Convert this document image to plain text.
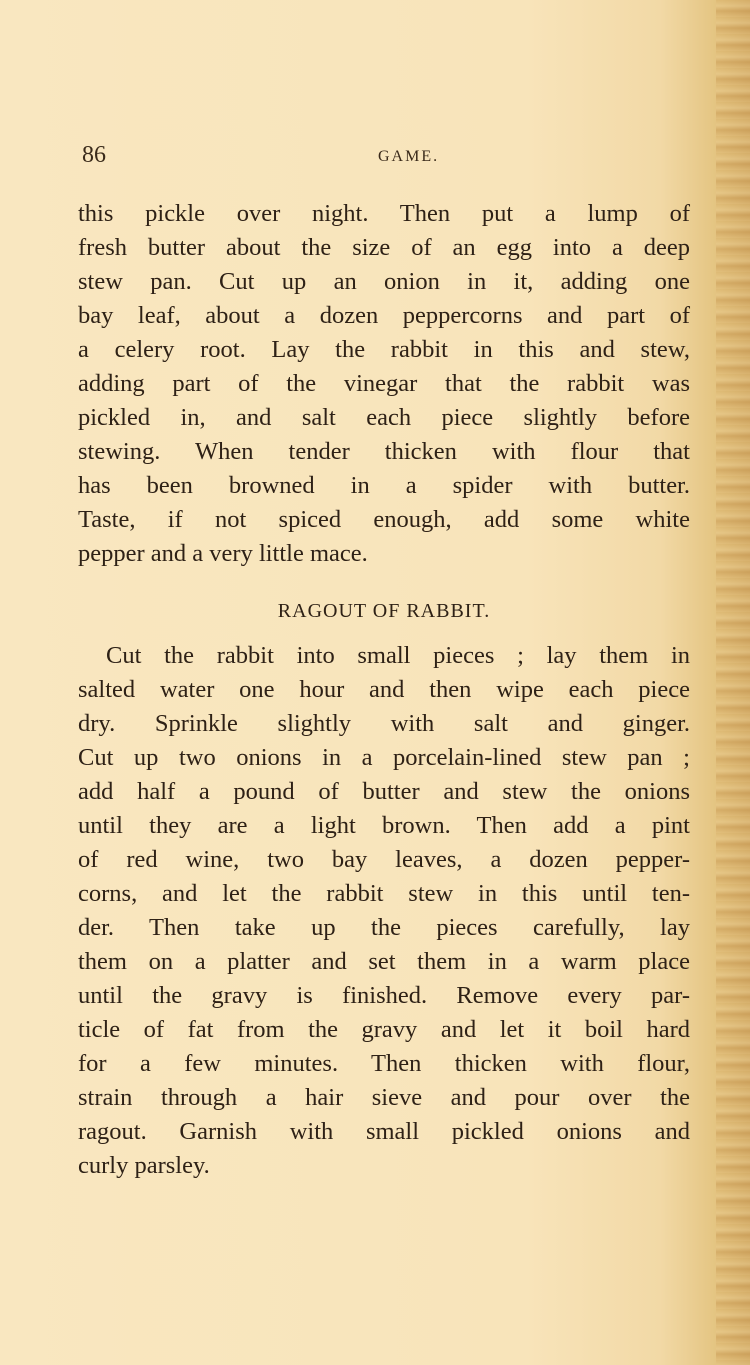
86	GAME.
this pickle over night. Then put a lump of
fresh butter about the size of an egg into a deep
stew pan. Cut up an onion in it, adding one
bay leaf, about a dozen peppercorns and part of
a celery root. Lay the rabbit in this and stew,
adding part of the vinegar that the rabbit was
pickled in, and salt each piece slightly before
stewing. When tender thicken with flour that
has been browned in a spider with butter.
Taste, if not spiced enough, add some white
pepper and a very little mace.
RAGOUT OF RABBIT.
Cut the rabbit into small pieces ; lay them in
salted water one hour and then wipe each piece
dry. Sprinkle slightly with salt and ginger.
Cut up two onions in a porcelain-lined stew pan ;
add half a pound of butter and stew the onions
until they are a light brown. Then add a pint
of red wine, two bay leaves, a dozen pepper-
corns, and let the rabbit stew in this until ten-
der. Then take up the pieces carefully, lay
them on a platter and set them in a warm place
until the gravy is finished. Remove every par-
ticle of fat from the gravy and let it boil hard
for a few minutes. Then thicken with flour,
strain through a hair sieve and pour over the
ragout. Garnish with small pickled onions and
curly parsley.
